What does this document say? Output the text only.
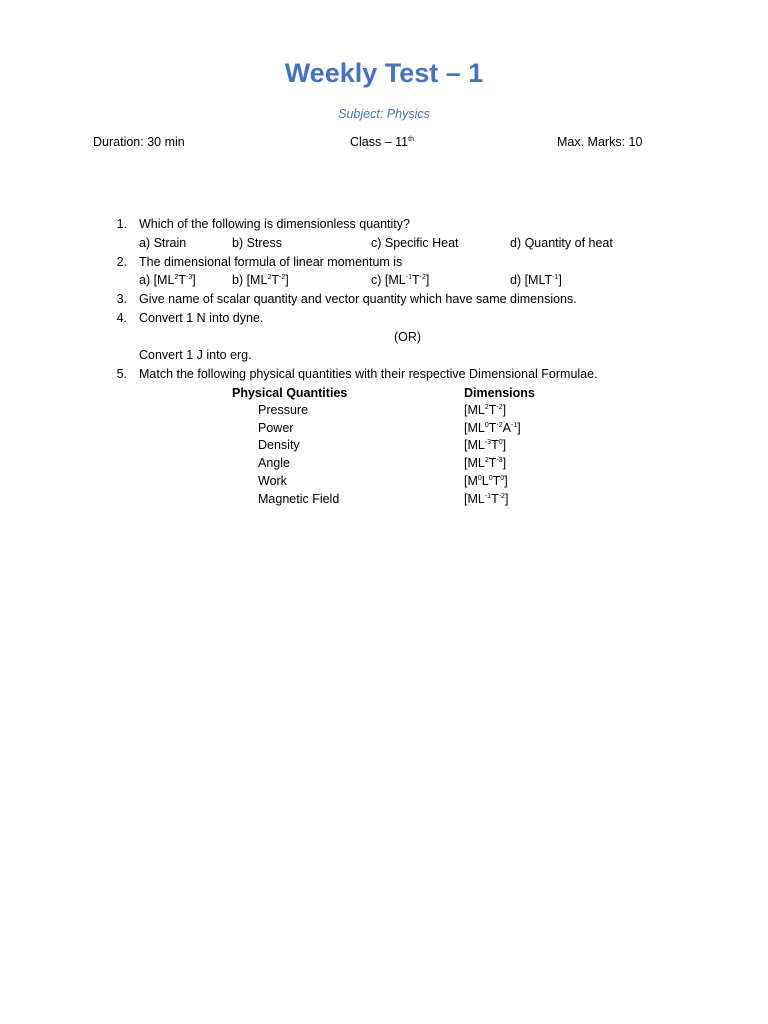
Weekly Test – 1
Subject: Physics
Duration: 30 min	Class – 11th	Max. Marks: 10
1. Which of the following is dimensionless quantity?
a) Strain	b) Stress	c) Specific Heat	d) Quantity of heat
2. The dimensional formula of linear momentum is
a) $[ML^2T^{-3}]$	b) $[ML^2T^{-2}]$	c) $[ML^{-1}T^{-2}]$	d) $[MLT^{-1}]$
3. Give name of scalar quantity and vector quantity which have same dimensions.
4. Convert 1 N into dyne.
(OR)
Convert 1 J into erg.
5. Match the following physical quantities with their respective Dimensional Formulae.
Physical Quantities	Dimensions
Pressure	$[ML^2T^{-2}]$
Power	$[ML^0T^{-2}A^{-1}]$
Density	$[ML^{-3}T^0]$
Angle	$[ML^2T^{-3}]$
Work	$[M^0L^0T^0]$
Magnetic Field	$[ML^{-1}T^{-2}]$
